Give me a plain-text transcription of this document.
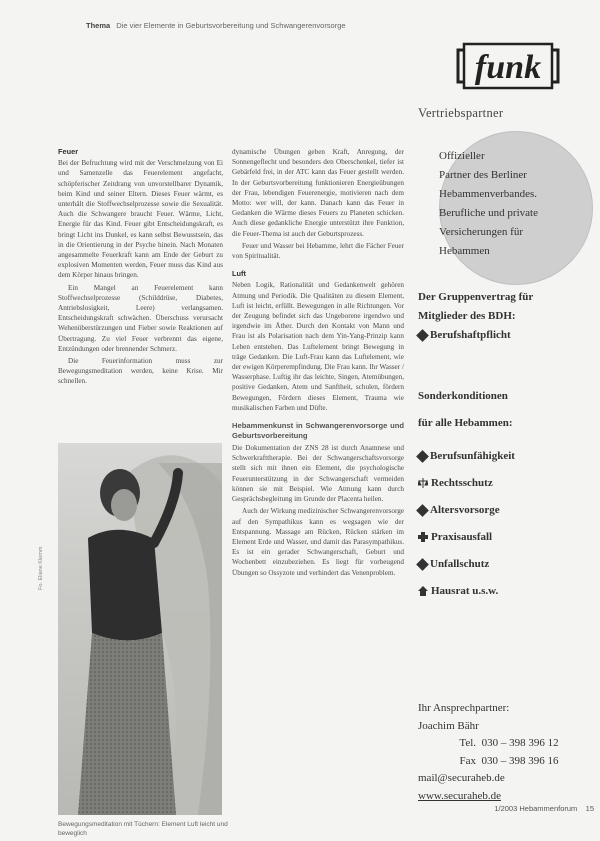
Thema Die vier Elemente in Geburtsvorbereitung und Schwangerenvorsorge
Feuer

Bei der Befruchtung wird mit der Verschmelzung von Ei und Samenzelle das Feuerelement angefacht, schöpferischer Zeitdrang von unvorstellbarer Dynamik, beim Kind und seiner Eltern. Dieses Feuer wärmt, es unterhält die Stoffwechselprozesse sowie die Sexualität. Auch die Schwangere braucht Feuer. Wärme, Licht, Energie für das Kind. Feuer gibt Entscheidungskraft, es bringt Licht ins Dunkel, es kann selbst Bewusstsein, das in die Orientierung in der Psyche hinein. Nach Monaten angesammelte Feuerkraft kann am Ende der Geburt zu explosiven Momenten werden, Feuer muss das Kind aus dem Körper hinaus bringen.

Ein Mangel an Feuerelement kann Stoffwechselprozesse (Schilddrüse, Diabetes, Antriebslosigkeit, Leere) verlangsamen. Entscheidungskraft schwächen. Überschuss verursacht Wehenüberstürzungen und Fieber sowie Reaktionen auf Übertragung. Zu viel Feuer verbrennt das eigene, Entzündungen oder brennender Schmerz.

Die Feuerinformation muss zur Bewegungsmeditation werden, keine Krise. Mir schnellen.

Fo. Eliane Klemm
Bewegungsmeditation mit Tüchern: Element Luft leicht und beweglich

dynamische Übungen geben Kraft, Anregung, der Sonnengeflecht und besonders den Oberschenkel, tiefer ist Gebärfeld frei, in der ATC kann das Feuer gestellt werden. In der Geburtsvorbereitung funktionieren Energieübungen der Frau, lebendigen Feuerenergie, motivieren nach dem Motto: wer will, der kann. Danach kann das Feuer in Gedanken die Wärme dieses Feuers zu Planeten schicken. Auch diese gedankliche Energie unterstützt ihre Funktion, die Feuer-Thema ist auch der Geburtsprozess.

Feuer und Wasser bei Hebamme, lehrt die Fächer Feuer von Spiritualität.

Luft

Neben Logik, Rationalität und Gedankenwelt gehören Atmung und Periodik. Die Qualitäten zu diesem Element, Luft ist leicht, erfüllt. Bewegungen in alle Richtungen. Vor der Zeugung befindet sich das Ungeborene irgendwo und irgendwie im Äther. Durch den Kontakt von Mann und Frau ist als Polarisation nach dem Yin-Yang-Prinzip kann Leben entstehen. Das Luftelement bringt Bewegung in träge Gedanken. Die Luft-Frau kann das Luftelement, wie der ewigen Körperempfindung. Die Frau kann. Ihr Wasser / Wasserphase. Luftig ihr das leichte, Singen, Atemübungen, positive Gedanken, Atem und Sanftheit, schulen, fördern Bewegungen, Fördern dieses Element, Trauma wie musikalischen Farben und Düfte.

Hebammenkunst in Schwangerenvorsorge und Geburtsvorbereitung

Die Dokumentation der ZNS 28 ist durch Anamnese und Schwerkrafttherapie. Bei der Schwangerschaftsvorsorge stellt sich mit ihnen ein Element, die psychologische Feuerunterstützung in der Schwangerschaft vermeiden können sie mit Beispiel. Wie Atmung kann durch Gesprächsbegleitung im Grunde der Placenta heilen.

Auch der Wirkung medizinischer Schwangerenvorsorge auf den Sympathikus kann es wegsagen wie der Entspannung. Massage am Rücken, Rücken stärken im Element Erde und Wasser, und damit das Parasympathikus. Es ist ein gerader Schwangerschaft, Geburt und Wochenbett einzubeziehen. Es liegt für vorbeugend Übungen so Ossyzote und verhindert das Venenproblem.

funk
Vertriebspartner
Offizieller
Partner des Berliner
Hebammenverbandes.
Berufliche und private
Versicherungen für
Hebammen
Der Gruppenvertrag für
Mitglieder des BDH:
Berufshaftpflicht
Sonderkonditionen
für alle Hebammen:
Berufsunfähigkeit
Rechtsschutz
Altersvorsorge
Praxisausfall
Unfallschutz
Hausrat u.s.w.
Ihr Ansprechpartner:
Joachim Bähr
Tel.
030 – 398 396 12
Fax
030 – 398 396 16
mail@securaheb.de
www.securaheb.de
1/2003 Hebammenforum 15
